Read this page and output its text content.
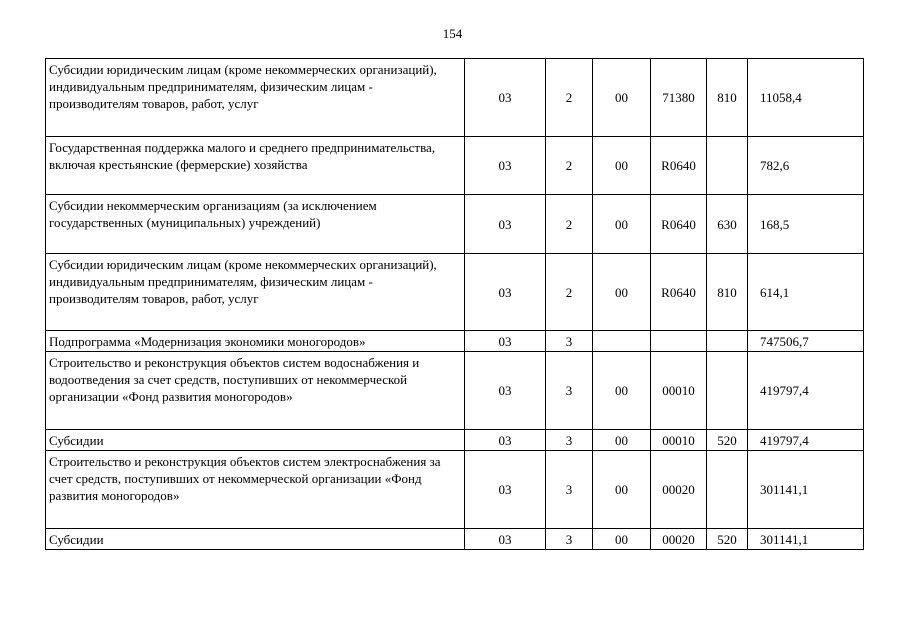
154
Субсидии юридическим лицам (кроме некоммерческих организаций), индивидуальным предпринимателям, физическим лицам - производителям товаров, работ, услуг	03	2	00	71380	810	11058,4
Государственная поддержка малого и среднего предпринимательства, включая крестьянские (фермерские) хозяйства	03	2	00	R0640		782,6
Субсидии некоммерческим организациям (за исключением государственных (муниципальных) учреждений)	03	2	00	R0640	630	168,5
Субсидии юридическим лицам (кроме некоммерческих организаций), индивидуальным предпринимателям, физическим лицам - производителям товаров, работ, услуг	03	2	00	R0640	810	614,1
Подпрограмма «Модернизация экономики моногородов»	03	3				747506,7
Строительство и реконструкция объектов систем водоснабжения и водоотведения за счет средств, поступивших от некоммерческой организации «Фонд развития моногородов»	03	3	00	00010		419797,4
Субсидии	03	3	00	00010	520	419797,4
Строительство и реконструкция объектов систем электроснабжения за счет средств, поступивших от некоммерческой организации «Фонд развития моногородов»	03	3	00	00020		301141,1
Субсидии	03	3	00	00020	520	301141,1
